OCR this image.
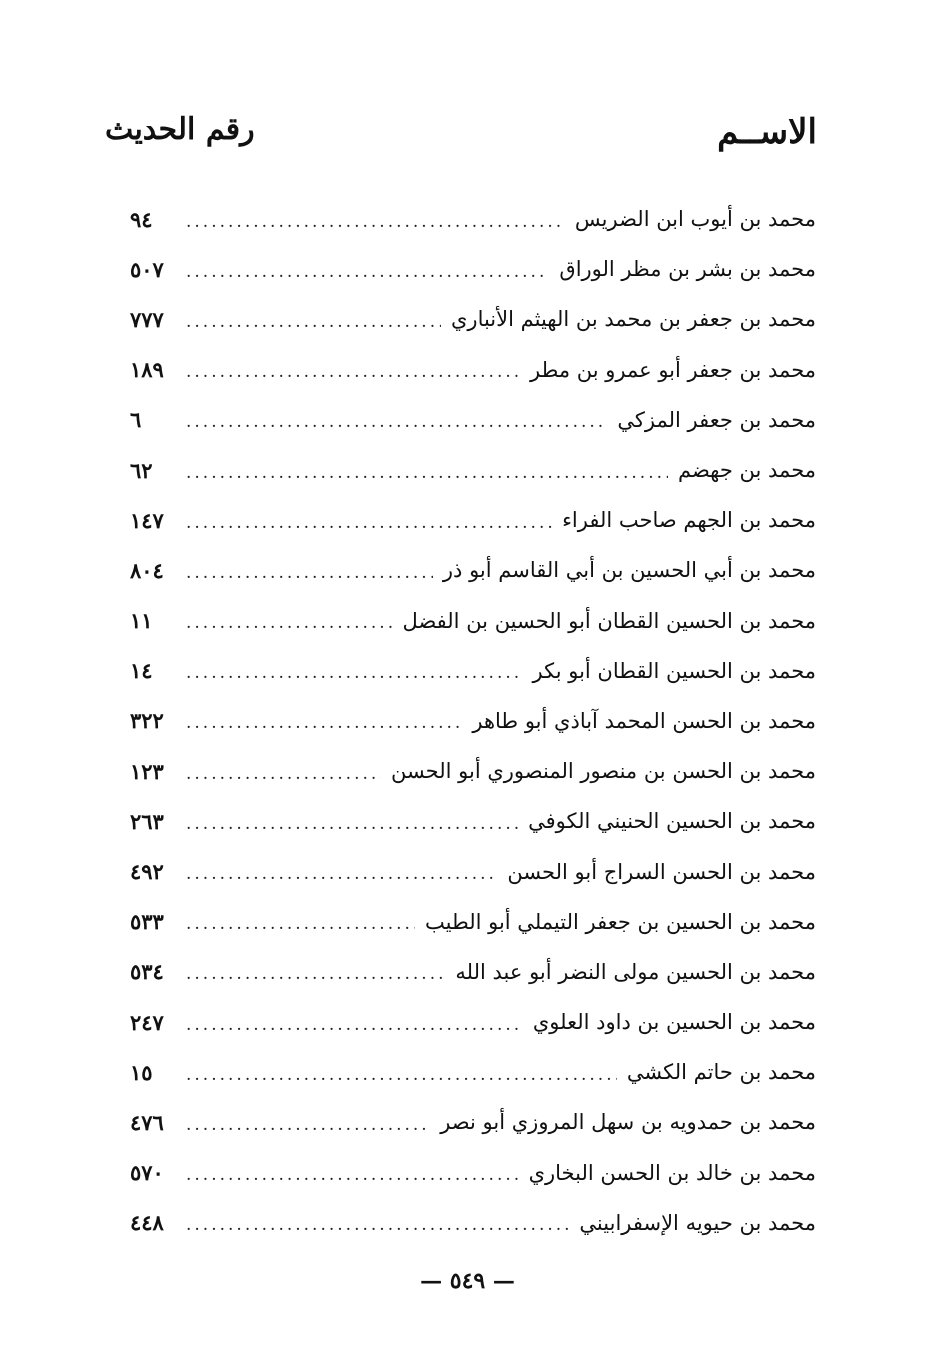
الاســم
رقم الحديث
محمد بن أيوب ابن الضريس
.....
٩٤
محمد بن بشر بن مظر الوراق
.....
٥٠٧
محمد بن جعفر بن محمد بن الهيثم الأنباري
.....
٧٧٧
محمد بن جعفر أبو عمرو بن مطر
.....
١٨٩
محمد بن جعفر المزكي
.....
٦
محمد بن جهضم
.....
٦٢
محمد بن الجهم صاحب الفراء
.....
١٤٧
محمد بن أبي الحسين بن أبي القاسم أبو ذر
.....
٨٠٤
محمد بن الحسين القطان أبو الحسين بن الفضل
.....
١١
محمد بن الحسين القطان أبو بكر
.....
١٤
محمد بن الحسن المحمد آباذي أبو طاهر
.....
٣٢٢
محمد بن الحسن بن منصور المنصوري أبو الحسن
.....
١٢٣
محمد بن الحسين الحنيني الكوفي
.....
٢٦٣
محمد بن الحسن السراج أبو الحسن
.....
٤٩٢
محمد بن الحسين بن جعفر التيملي أبو الطيب
.....
٥٣٣
محمد بن الحسين مولى النضر أبو عبد الله
.....
٥٣٤
محمد بن الحسين بن داود العلوي
.....
٢٤٧
محمد بن حاتم الكشي
.....
١٥
محمد بن حمدويه بن سهل المروزي أبو نصر
.....
٤٧٦
محمد بن خالد بن الحسن البخاري
.....
٥٧٠
محمد بن حيويه الإسفرابيني
.....
٤٤٨
— ٥٤٩ —
